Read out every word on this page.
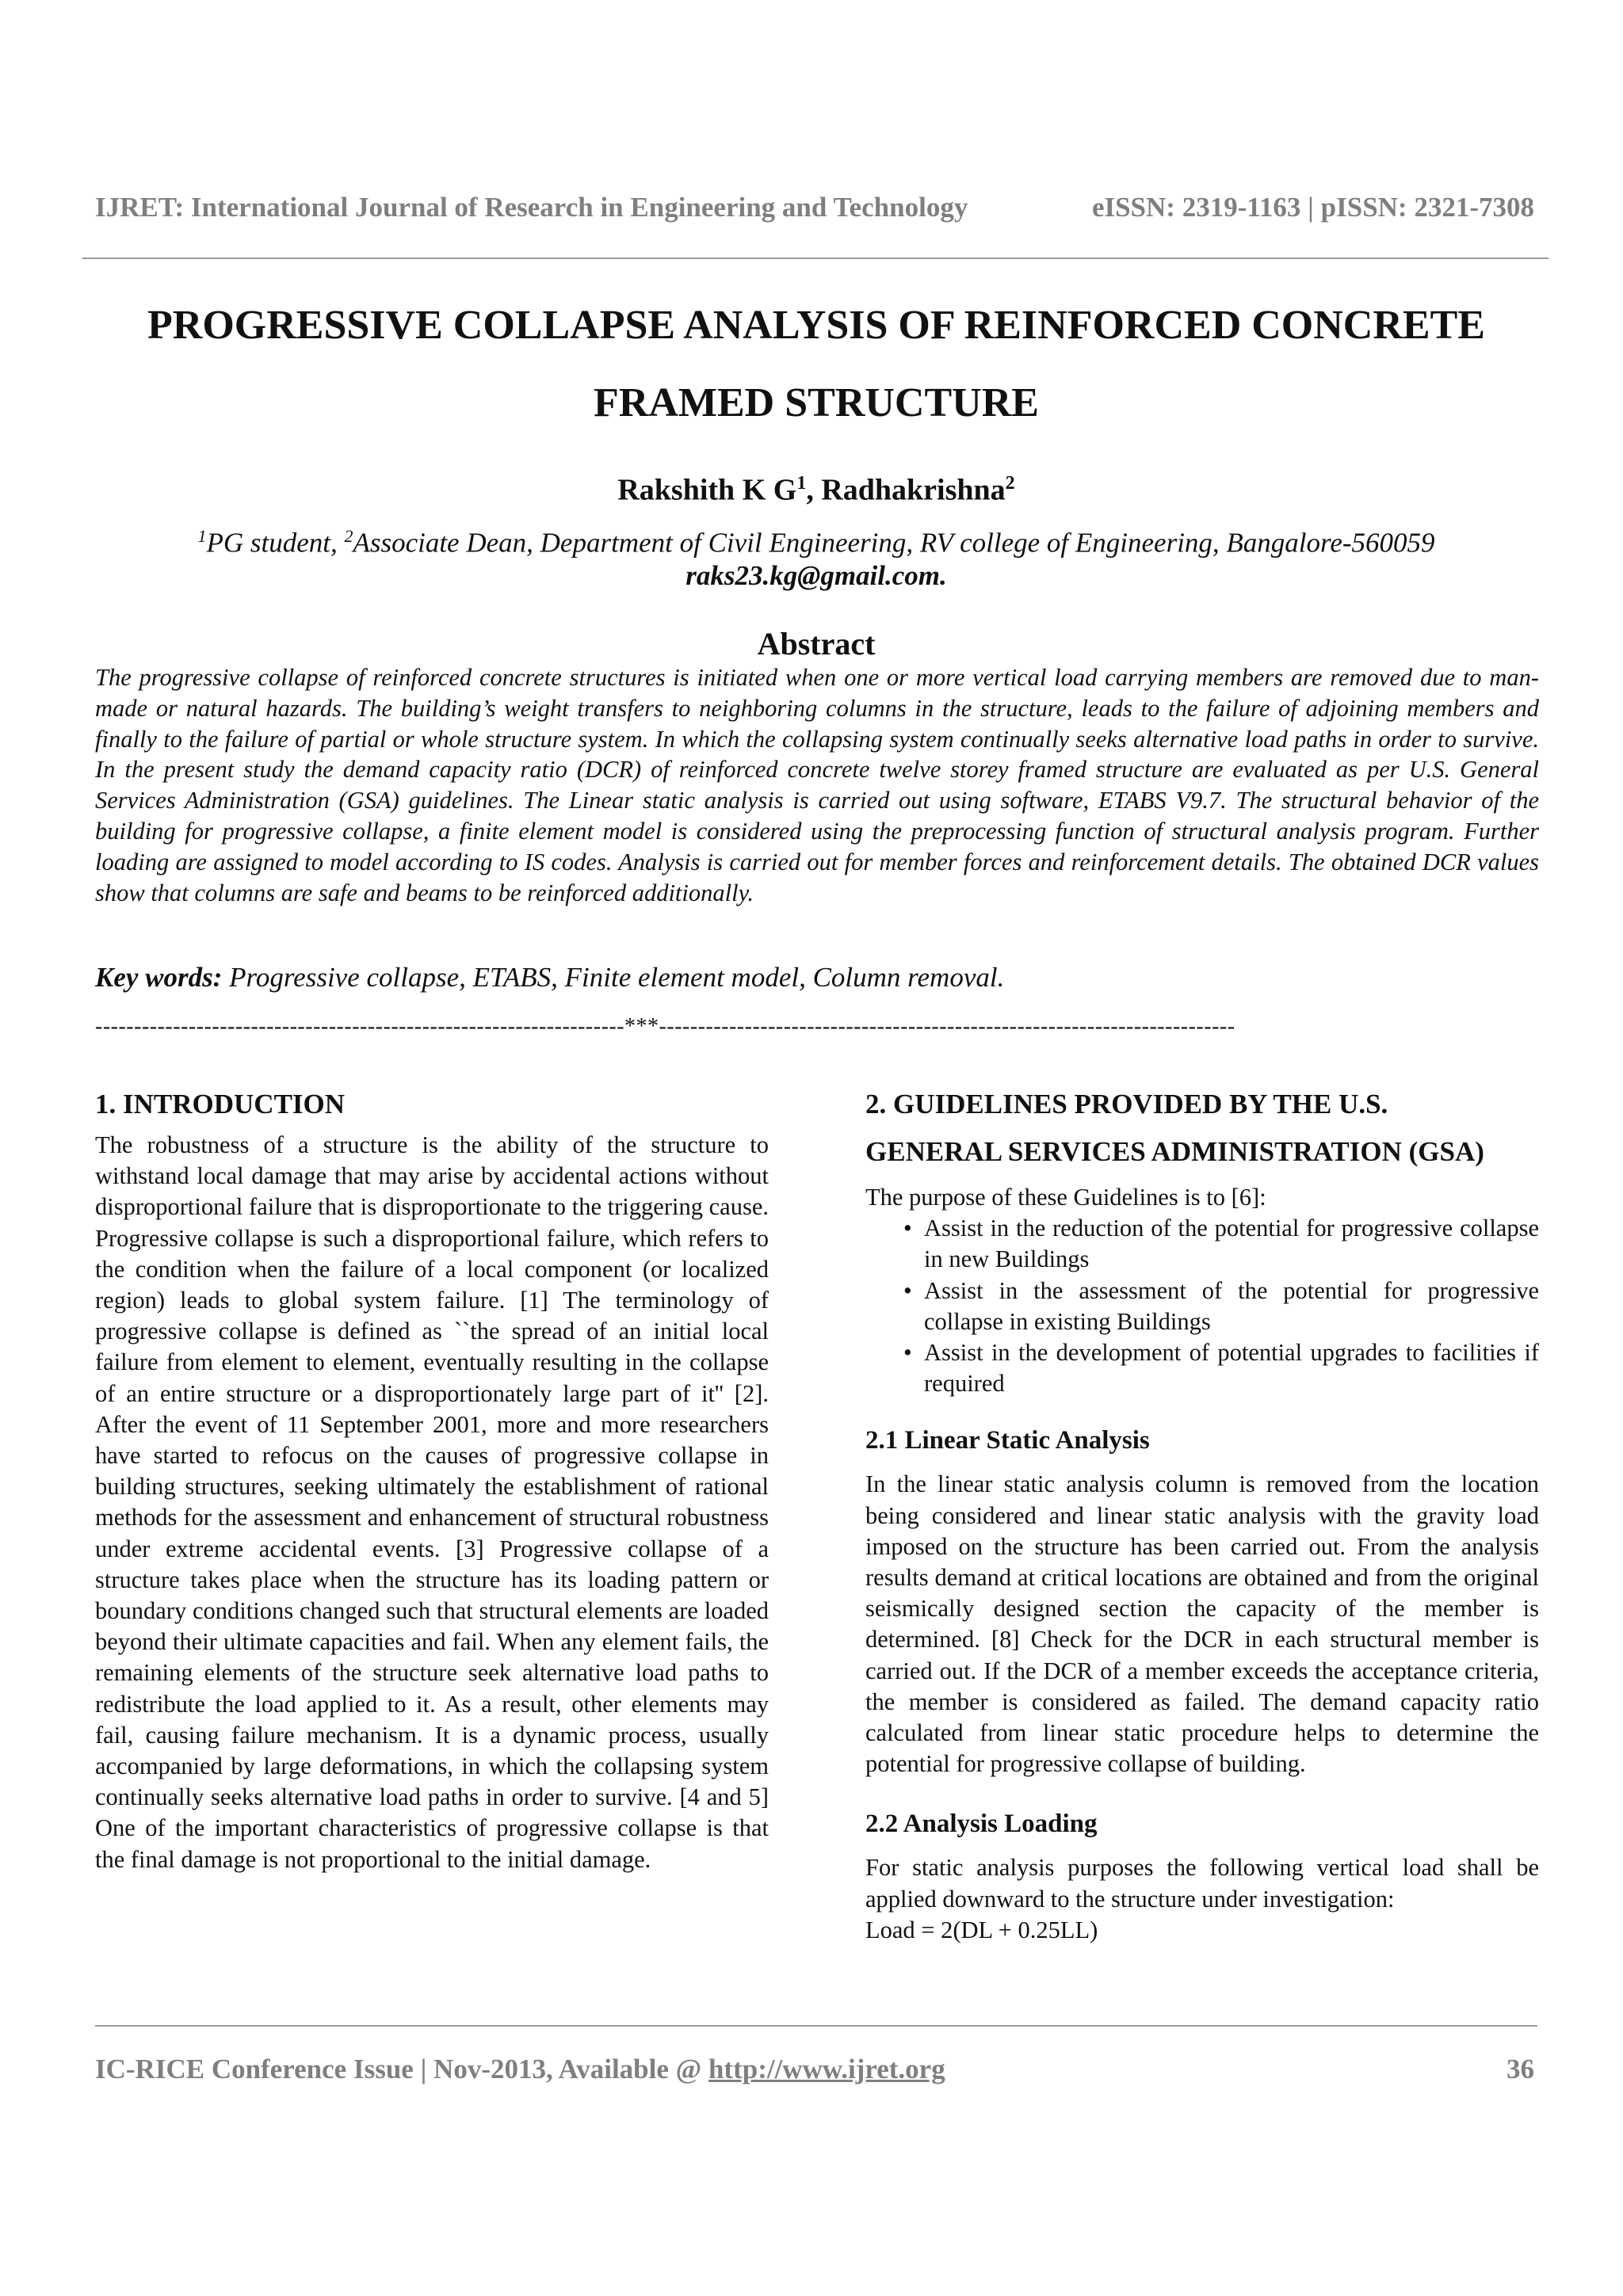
IJRET: International Journal of Research in Engineering and Technology	eISSN: 2319-1163 | pISSN: 2321-7308
PROGRESSIVE COLLAPSE ANALYSIS OF REINFORCED CONCRETE
FRAMED STRUCTURE
Rakshith K $G^1$, Radhakrishna$^2$
$^1$PG student, $^2$Associate Dean, Department of Civil Engineering, RV college of Engineering, Bangalore-560059
raks23.kg@gmail.com.
Abstract
The progressive collapse of reinforced concrete structures is initiated when one or more vertical load carrying members are removed due to man-made or natural hazards. The building’s weight transfers to neighboring columns in the structure, leads to the failure of adjoining members and finally to the failure of partial or whole structure system. In which the collapsing system continually seeks alternative load paths in order to survive. In the present study the demand capacity ratio (DCR) of reinforced concrete twelve storey framed structure are evaluated as per U.S. General Services Administration (GSA) guidelines. The Linear static analysis is carried out using software, ETABS V9.7. The structural behavior of the building for progressive collapse, a finite element model is considered using the preprocessing function of structural analysis program. Further loading are assigned to model according to IS codes. Analysis is carried out for member forces and reinforcement details. The obtained DCR values show that columns are safe and beams to be reinforced additionally.
Key words: Progressive collapse, ETABS, Finite element model, Column removal.
--------------------------------------------------------------------***--------------------------------------------------------------------------
1. INTRODUCTION

The robustness of a structure is the ability of the structure to withstand local damage that may arise by accidental actions without disproportional failure that is disproportionate to the triggering cause. Progressive collapse is such a disproportional failure, which refers to the condition when the failure of a local component (or localized region) leads to global system failure. [1] The terminology of progressive collapse is defined as ``the spread of an initial local failure from element to element, eventually resulting in the collapse of an entire structure or a disproportionately large part of it'' [2]. After the event of 11 September 2001, more and more researchers have started to refocus on the causes of progressive collapse in building structures, seeking ultimately the establishment of rational methods for the assessment and enhancement of structural robustness under extreme accidental events. [3] Progressive collapse of a structure takes place when the structure has its loading pattern or boundary conditions changed such that structural elements are loaded beyond their ultimate capacities and fail. When any element fails, the remaining elements of the structure seek alternative load paths to redistribute the load applied to it. As a result, other elements may fail, causing failure mechanism. It is a dynamic process, usually accompanied by large deformations, in which the collapsing system continually seeks alternative load paths in order to survive. [4 and 5] One of the important characteristics of progressive collapse is that the final damage is not proportional to the initial damage.

2. GUIDELINES PROVIDED BY THE U.S.
GENERAL SERVICES ADMINISTRATION (GSA)

The purpose of these Guidelines is to [6]:

• Assist in the reduction of the potential for progressive collapse in new Buildings
• Assist in the assessment of the potential for progressive collapse in existing Buildings
• Assist in the development of potential upgrades to facilities if required
2.1 Linear Static Analysis

In the linear static analysis column is removed from the location being considered and linear static analysis with the gravity load imposed on the structure has been carried out. From the analysis results demand at critical locations are obtained and from the original seismically designed section the capacity of the member is determined. [8] Check for the DCR in each structural member is carried out. If the DCR of a member exceeds the acceptance criteria, the member is considered as failed. The demand capacity ratio calculated from linear static procedure helps to determine the potential for progressive collapse of building.

2.2 Analysis Loading

For static analysis purposes the following vertical load shall be applied downward to the structure under investigation:

Load = 2(DL + 0.25LL)

IC-RICE Conference Issue | Nov-2013, Available @ http://www.ijret.org	36
